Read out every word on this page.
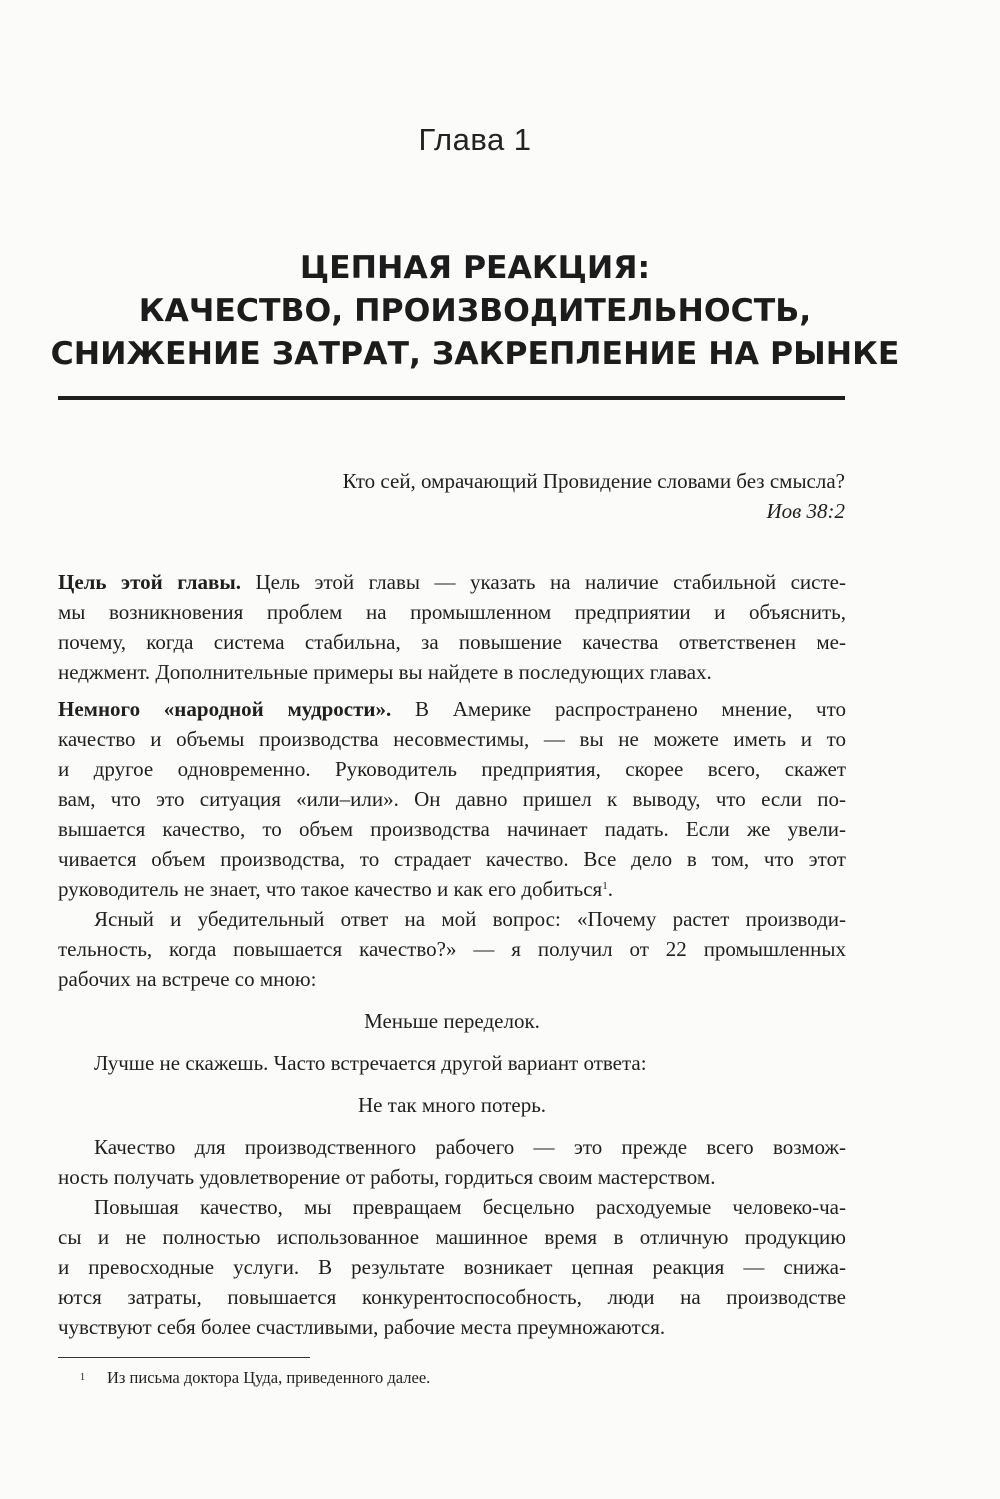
Глава 1
ЦЕПНАЯ РЕАКЦИЯ:
КАЧЕСТВО, ПРОИЗВОДИТЕЛЬНОСТЬ,
СНИЖЕНИЕ ЗАТРАТ, ЗАКРЕПЛЕНИЕ НА РЫНКЕ
Кто сей, омрачающий Провидение словами без смысла?
Иов 38:2
Цель этой главы. Цель этой главы — указать на наличие стабильной систе-
мы возникновения проблем на промышленном предприятии и объяснить,
почему, когда система стабильна, за повышение качества ответственен ме-
неджмент. Дополнительные примеры вы найдете в последующих главах.
Немного «народной мудрости». В Америке распространено мнение, что
качество и объемы производства несовместимы, — вы не можете иметь и то
и другое одновременно. Руководитель предприятия, скорее всего, скажет
вам, что это ситуация «или–или». Он давно пришел к выводу, что если по-
вышается качество, то объем производства начинает падать. Если же увели-
чивается объем производства, то страдает качество. Все дело в том, что этот
руководитель не знает, что такое качество и как его добиться$^1$.
Ясный и убедительный ответ на мой вопрос: «Почему растет производи-
тельность, когда повышается качество?» — я получил от 22 промышленных
рабочих на встрече со мною:
Меньше переделок.
Лучше не скажешь. Часто встречается другой вариант ответа:
Не так много потерь.
Качество для производственного рабочего — это прежде всего возмож-
ность получать удовлетворение от работы, гордиться своим мастерством.
Повышая качество, мы превращаем бесцельно расходуемые человеко-ча-
сы и не полностью использованное машинное время в отличную продукцию
и превосходные услуги. В результате возникает цепная реакция — снижа-
ются затраты, повышается конкурентоспособность, люди на производстве
чувствуют себя более счастливыми, рабочие места преумножаются.
$^1$ Из письма доктора Цуда, приведенного далее.
